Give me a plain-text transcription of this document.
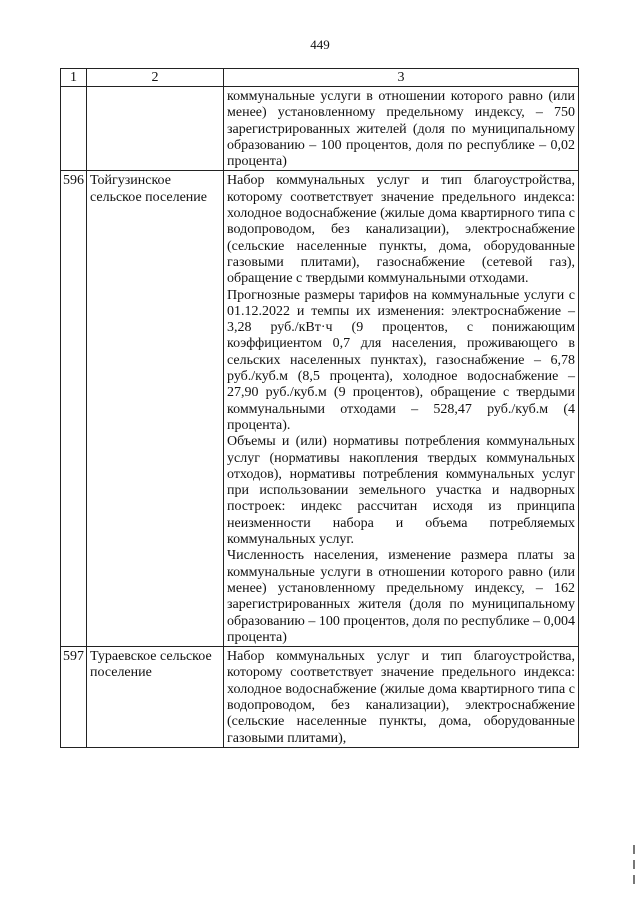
449
1	2	3

		коммунальные услуги в отношении которого равно (или менее) установленному предельному индексу, – 750 зарегистрированных жителей (доля по муниципальному образованию – 100 процентов, доля по республике – 0,02 процента)

596	Тойгузинское сельское поселение	Набор коммунальных услуг и тип благоустройства, которому соответствует значение предельного индекса: холодное водоснабжение (жилые дома квартирного типа с водопроводом, без канализации), электроснабжение (сельские населенные пункты, дома, оборудованные газовыми плитами), газоснабжение (сетевой газ), обращение с твердыми коммунальными отходами.

Прогнозные размеры тарифов на коммунальные услуги с 01.12.2022 и темпы их изменения: электроснабжение – 3,28 руб./кВт·ч (9 процентов, с понижающим коэффициентом 0,7 для населения, проживающего в сельских населенных пунктах), газоснабжение – 6,78 руб./куб.м (8,5 процента), холодное водоснабжение – 27,90 руб./куб.м (9 процентов), обращение с твердыми коммунальными отходами – 528,47 руб./куб.м (4 процента).

Объемы и (или) нормативы потребления коммунальных услуг (нормативы накопления твердых коммунальных отходов), нормативы потребления коммунальных услуг при использовании земельного участка и надворных построек: индекс рассчитан исходя из принципа неизменности набора и объема потребляемых коммунальных услуг.

Численность населения, изменение размера платы за коммунальные услуги в отношении которого равно (или менее) установленному предельному индексу, – 162 зарегистрированных жителя (доля по муниципальному образованию – 100 процентов, доля по республике – 0,004 процента)

597	Тураевское сельское поселение	Набор коммунальных услуг и тип благоустройства, которому соответствует значение предельного индекса: холодное водоснабжение (жилые дома квартирного типа с водопроводом, без канализации), электроснабжение (сельские населенные пункты, дома, оборудованные газовыми плитами),
